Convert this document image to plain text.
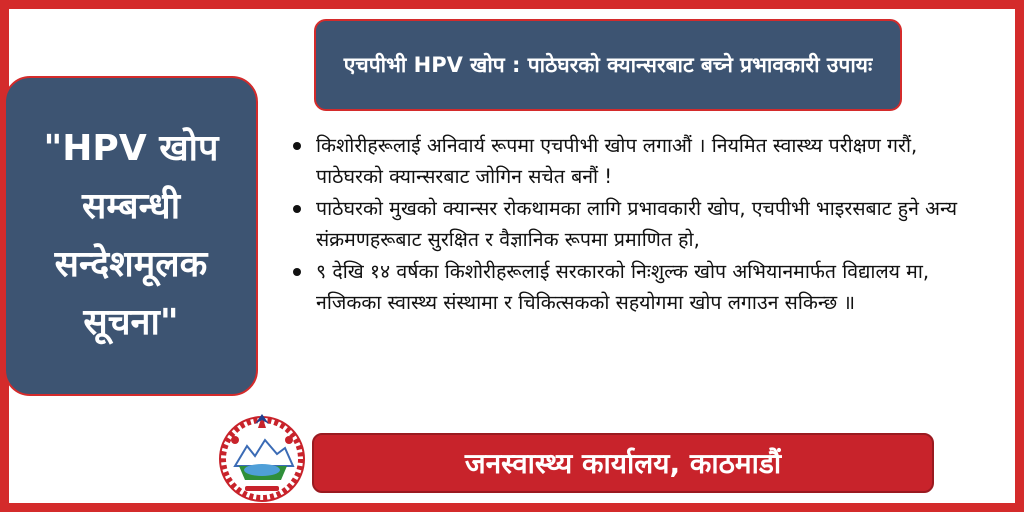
"HPV खोप सम्बन्धी सन्देशमूलक सूचना"
एचपीभी HPV खोप : पाठेघरको क्यान्सरबाट बच्ने प्रभावकारी उपायः
किशोरीहरूलाई अनिवार्य रूपमा एचपीभी खोप लगाऔं । नियमित स्वास्थ्य परीक्षण गरौं, पाठेघरको क्यान्सरबाट जोगिन सचेत बनौं !
पाठेघरको मुखको क्यान्सर रोकथामका लागि प्रभावकारी खोप, एचपीभी भाइरसबाट हुने अन्य संक्रमणहरूबाट सुरक्षित र वैज्ञानिक रूपमा प्रमाणित हो,
९ देखि १४ वर्षका किशोरीहरूलाई सरकारको निःशुल्क खोप अभियानमार्फत विद्यालय मा, नजिकका स्वास्थ्य संस्थामा र चिकित्सकको सहयोगमा खोप लगाउन सकिन्छ ॥
जनस्वास्थ्य कार्यालय, काठमाडौं
